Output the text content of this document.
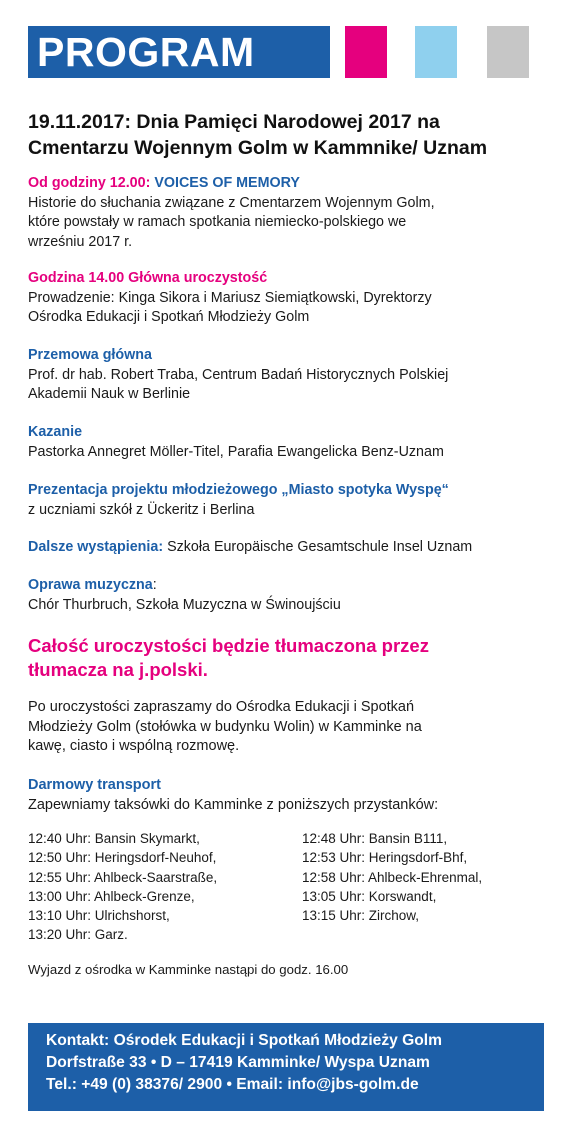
PROGRAM
19.11.2017: Dnia Pamięci Narodowej 2017 na
Cmentarzu Wojennym Golm w Kammnike/ Uznam
Od godziny 12.00: VOICES OF MEMORY
Historie do słuchania związane z Cmentarzem Wojennym Golm,
które powstały w ramach spotkania niemiecko-polskiego we
wrześniu 2017 r.
Godzina 14.00 Główna uroczystość
Prowadzenie: Kinga Sikora i Mariusz Siemiątkowski, Dyrektorzy
Ośrodka Edukacji i Spotkań Młodzieży Golm
Przemowa główna
Prof. dr hab. Robert Traba, Centrum Badań Historycznych Polskiej
Akademii Nauk w Berlinie
Kazanie
Pastorka Annegret Möller-Titel, Parafia Ewangelicka Benz-Uznam
Prezentacja projektu młodzieżowego „Miasto spotyka Wyspę“
z uczniami szkół z Ückeritz i Berlina
Dalsze wystąpienia: Szkoła Europäische Gesamtschule Insel Uznam
Oprawa muzyczna:
Chór Thurbruch, Szkoła Muzyczna w Świnoujściu
Całość uroczystości będzie tłumaczona przez
tłumacza na j.polski.
Po uroczystości zapraszamy do Ośrodka Edukacji i Spotkań
Młodzieży Golm (stołówka w budynku Wolin) w Kamminke na
kawę, ciasto i wspólną rozmowę.
Darmowy transport
Zapewniamy taksówki do Kamminke z poniższych przystanków:
12:40 Uhr: Bansin Skymarkt,
12:50 Uhr: Heringsdorf-Neuhof,
12:55 Uhr: Ahlbeck-Saarstraße,
13:00 Uhr: Ahlbeck-Grenze,
13:10 Uhr: Ulrichshorst,
13:20 Uhr: Garz.
12:48 Uhr: Bansin B111,
12:53 Uhr: Heringsdorf-Bhf,
12:58 Uhr: Ahlbeck-Ehrenmal,
13:05 Uhr: Korswandt,
13:15 Uhr: Zirchow,
Wyjazd z ośrodka w Kamminke nastąpi do godz. 16.00
Kontakt: Ośrodek Edukacji i Spotkań Młodzieży Golm
Dorfstraße 33 • D – 17419 Kamminke/ Wyspa Uznam
Tel.: +49 (0) 38376/ 2900 • Email: info@jbs-golm.de
